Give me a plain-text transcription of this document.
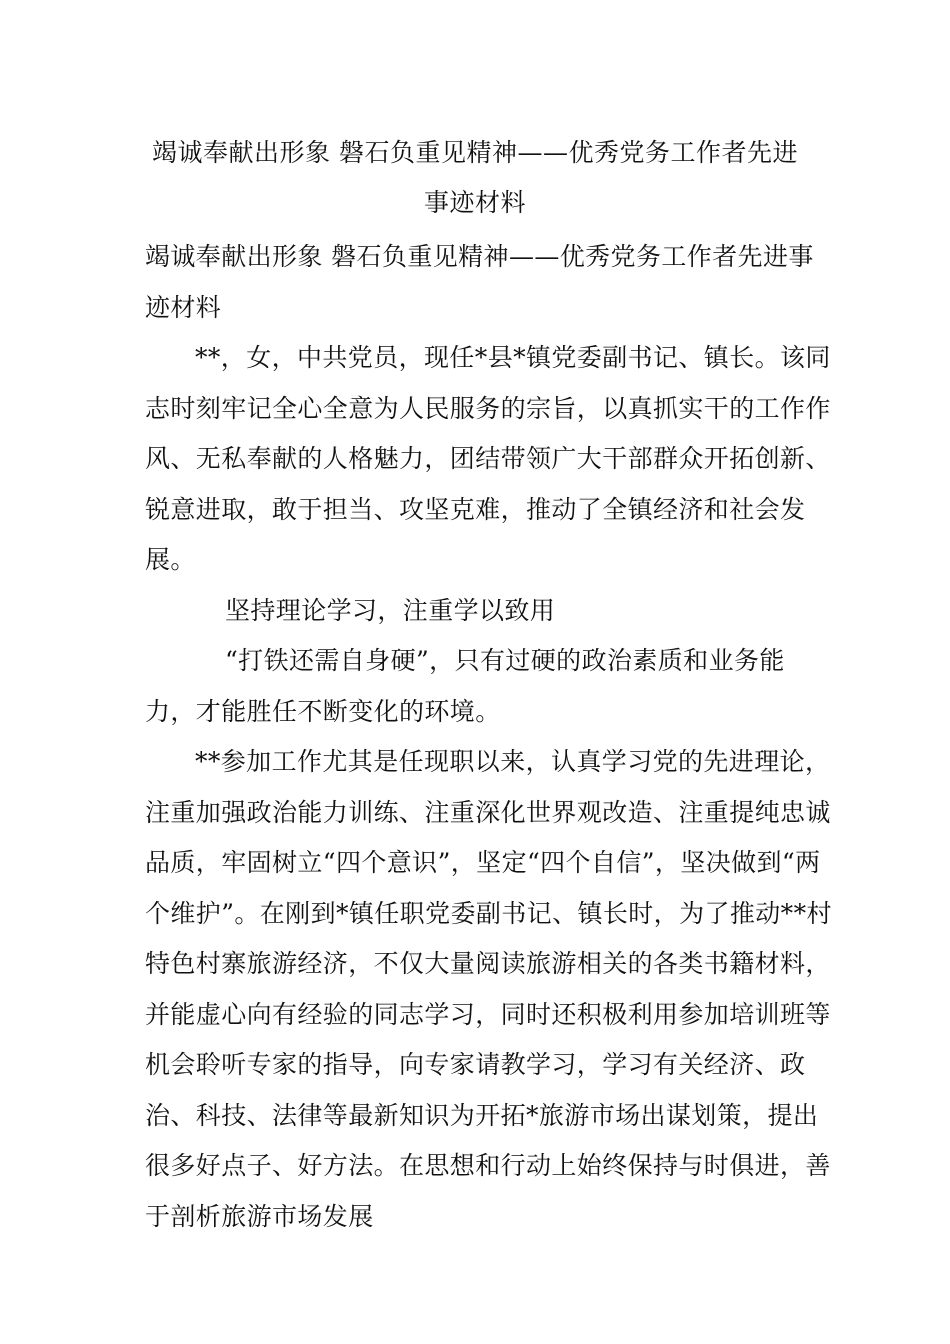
竭诚奉献出形象 磐石负重见精神——优秀党务工作者先进
事迹材料

竭诚奉献出形象 磐石负重见精神——优秀党务工作者先进事迹材料

**，女，中共党员，现任*县*镇党委副书记、镇长。该同志时刻牢记全心全意为人民服务的宗旨，以真抓实干的工作作风、无私奉献的人格魅力，团结带领广大干部群众开拓创新、锐意进取，敢于担当、攻坚克难，推动了全镇经济和社会发展。

坚持理论学习，注重学以致用

“打铁还需自身硬”，只有过硬的政治素质和业务能力，才能胜任不断变化的环境。

**参加工作尤其是任现职以来，认真学习党的先进理论，注重加强政治能力训练、注重深化世界观改造、注重提纯忠诚品质，牢固树立“四个意识”，坚定“四个自信”，坚决做到“两个维护”。在刚到*镇任职党委副书记、镇长时，为了推动**村特色村寨旅游经济，不仅大量阅读旅游相关的各类书籍材料，并能虚心向有经验的同志学习，同时还积极利用参加培训班等机会聆听专家的指导，向专家请教学习，学习有关经济、政治、科技、法律等最新知识为开拓*旅游市场出谋划策，提出很多好点子、好方法。在思想和行动上始终保持与时俱进，善于剖析旅游市场发展
